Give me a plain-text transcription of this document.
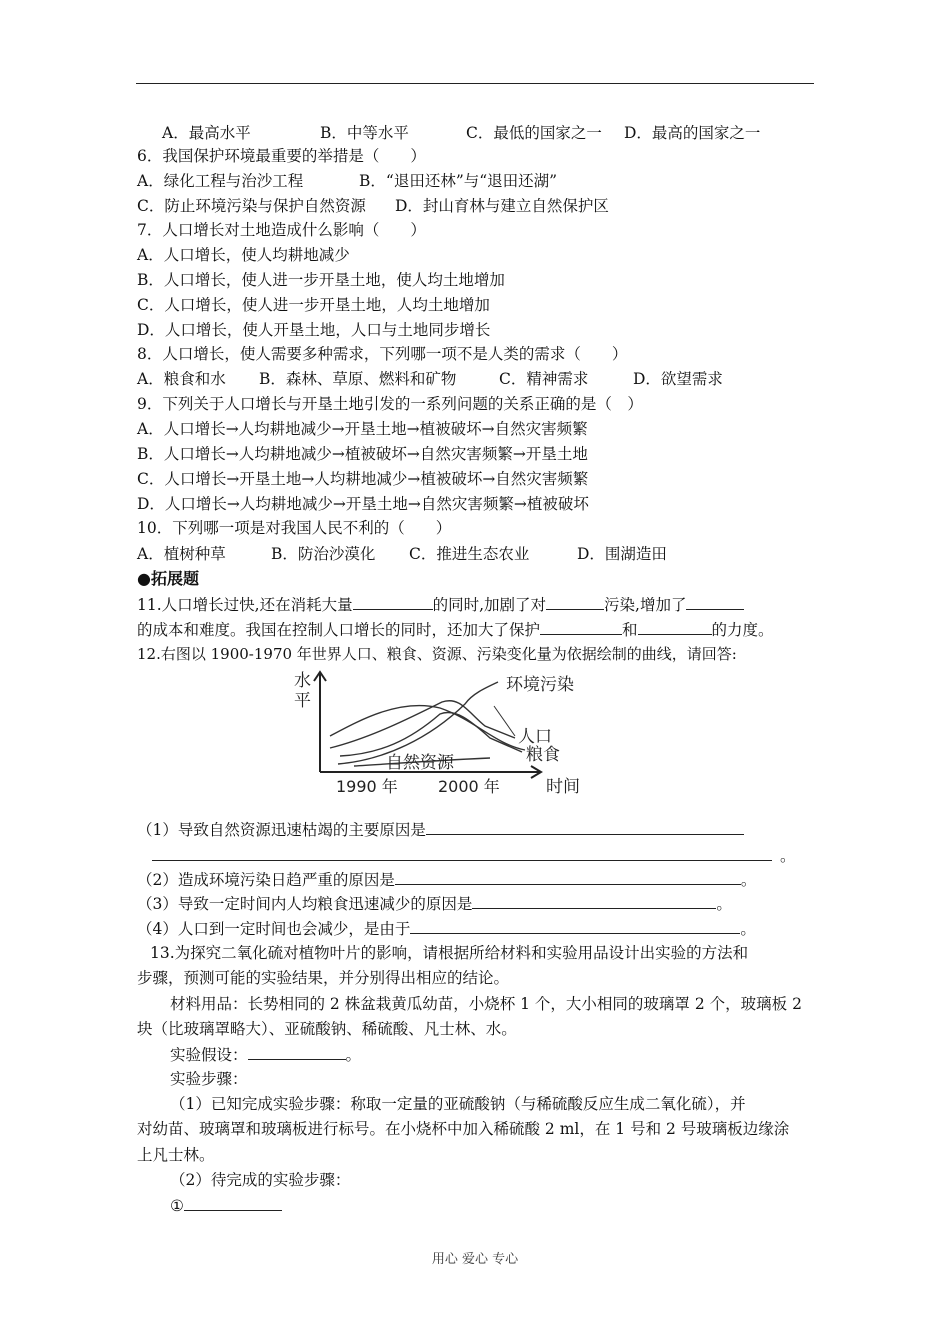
A．最高水平	B．中等水平	C．最低的国家之一 D．最高的国家之一
6．我国保护环境最重要的举措是（　　）
A．绿化工程与治沙工程	B．“退田还林”与“退田还湖”
C．防止环境污染与保护自然资源 D．封山育林与建立自然保护区
7．人口增长对土地造成什么影响（　　）
A．人口增长，使人均耕地减少
B．人口增长，使人进一步开垦土地，使人均土地增加
C．人口增长，使人进一步开垦土地，人均土地增加
D．人口增长，使人开垦土地，人口与土地同步增长
8．人口增长，使人需要多种需求，下列哪一项不是人类的需求（　　）
A．粮食和水 B．森林、草原、燃料和矿物	C．精神需求	D．欲望需求
9．下列关于人口增长与开垦土地引发的一系列问题的关系正确的是（　）
A．人口增长→人均耕地减少→开垦土地→植被破坏→自然灾害频繁
B．人口增长→人均耕地减少→植被破坏→自然灾害频繁→开垦土地
C．人口增长→开垦土地→人均耕地减少→植被破坏→自然灾害频繁
D．人口增长→人均耕地减少→开垦土地→自然灾害频繁→植被破坏
10．下列哪一项是对我国人民不利的（　　）
A．植树种草	B．防治沙漠化 C．推进生态农业	D．围湖造田
●拓展题
11.人口增长过快,还在消耗大量	的同时,加剧了对	污染,增加了
的成本和难度。我国在控制人口增长的同时，还加大了保护	和	的力度。
12.右图以 1900-1970 年世界人口、粮食、资源、污染变化量为依据绘制的曲线，请回答:
水
平
环境污染
人口
粮食
自然资源
1990 年	2000 年	时间
（1）导致自然资源迅速枯竭的主要原因是
。
（2）造成环境污染日趋严重的原因是	。
（3）导致一定时间内人均粮食迅速减少的原因是	。
（4）人口到一定时间也会减少，是由于	。
13.为探究二氧化硫对植物叶片的影响，请根据所给材料和实验用品设计出实验的方法和
步骤，预测可能的实验结果，并分别得出相应的结论。
材料用品：长势相同的 2 株盆栽黄瓜幼苗，小烧杯 1 个，大小相同的玻璃罩 2 个，玻璃板 2
块（比玻璃罩略大）、亚硫酸钠、稀硫酸、凡士林、水。
实验假设：	。
实验步骤：
（1）已知完成实验步骤：称取一定量的亚硫酸钠（与稀硫酸反应生成二氧化硫），并
对幼苗、玻璃罩和玻璃板进行标号。在小烧杯中加入稀硫酸 2 ml，在 1 号和 2 号玻璃板边缘涂
上凡士林。
（2）待完成的实验步骤：
①
用心 爱心 专心
